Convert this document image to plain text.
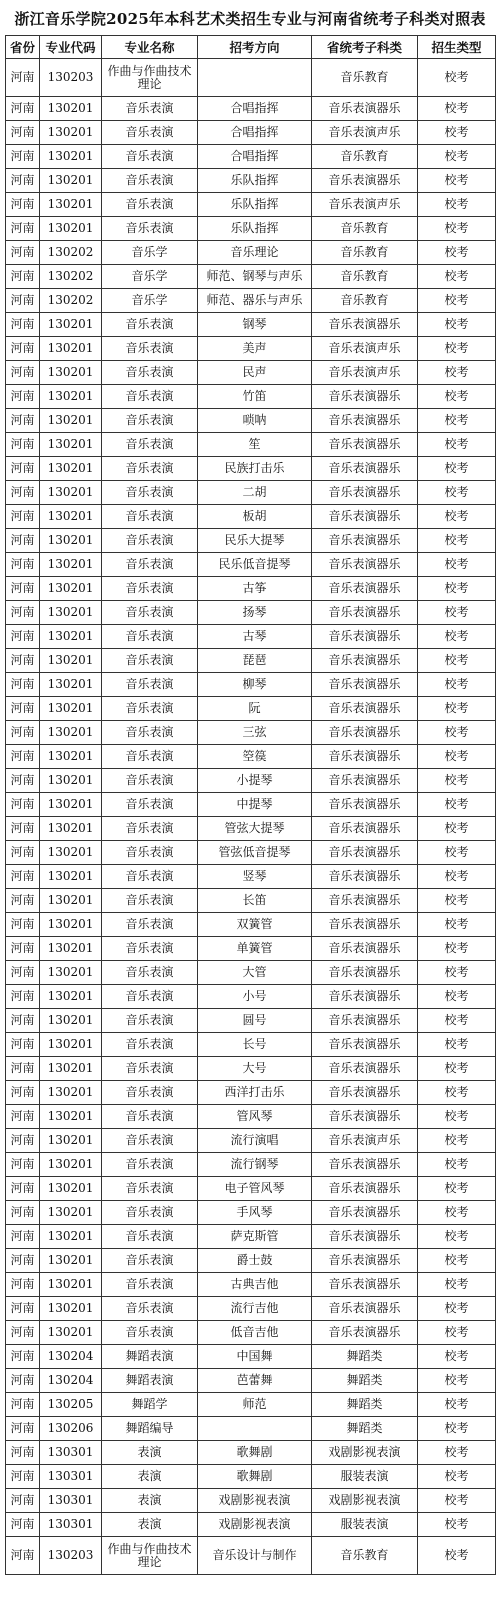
浙江音乐学院2025年本科艺术类招生专业与河南省统考子科类对照表
省份	专业代码	专业名称	招考方向	省统考子科类	招生类型
河南	130203	作曲与作曲技术理论		音乐教育	校考
河南	130201	音乐表演	合唱指挥	音乐表演器乐	校考
河南	130201	音乐表演	合唱指挥	音乐表演声乐	校考
河南	130201	音乐表演	合唱指挥	音乐教育	校考
河南	130201	音乐表演	乐队指挥	音乐表演器乐	校考
河南	130201	音乐表演	乐队指挥	音乐表演声乐	校考
河南	130201	音乐表演	乐队指挥	音乐教育	校考
河南	130202	音乐学	音乐理论	音乐教育	校考
河南	130202	音乐学	师范、钢琴与声乐	音乐教育	校考
河南	130202	音乐学	师范、器乐与声乐	音乐教育	校考
河南	130201	音乐表演	钢琴	音乐表演器乐	校考
河南	130201	音乐表演	美声	音乐表演声乐	校考
河南	130201	音乐表演	民声	音乐表演声乐	校考
河南	130201	音乐表演	竹笛	音乐表演器乐	校考
河南	130201	音乐表演	唢呐	音乐表演器乐	校考
河南	130201	音乐表演	笙	音乐表演器乐	校考
河南	130201	音乐表演	民族打击乐	音乐表演器乐	校考
河南	130201	音乐表演	二胡	音乐表演器乐	校考
河南	130201	音乐表演	板胡	音乐表演器乐	校考
河南	130201	音乐表演	民乐大提琴	音乐表演器乐	校考
河南	130201	音乐表演	民乐低音提琴	音乐表演器乐	校考
河南	130201	音乐表演	古筝	音乐表演器乐	校考
河南	130201	音乐表演	扬琴	音乐表演器乐	校考
河南	130201	音乐表演	古琴	音乐表演器乐	校考
河南	130201	音乐表演	琵琶	音乐表演器乐	校考
河南	130201	音乐表演	柳琴	音乐表演器乐	校考
河南	130201	音乐表演	阮	音乐表演器乐	校考
河南	130201	音乐表演	三弦	音乐表演器乐	校考
河南	130201	音乐表演	箜篌	音乐表演器乐	校考
河南	130201	音乐表演	小提琴	音乐表演器乐	校考
河南	130201	音乐表演	中提琴	音乐表演器乐	校考
河南	130201	音乐表演	管弦大提琴	音乐表演器乐	校考
河南	130201	音乐表演	管弦低音提琴	音乐表演器乐	校考
河南	130201	音乐表演	竖琴	音乐表演器乐	校考
河南	130201	音乐表演	长笛	音乐表演器乐	校考
河南	130201	音乐表演	双簧管	音乐表演器乐	校考
河南	130201	音乐表演	单簧管	音乐表演器乐	校考
河南	130201	音乐表演	大管	音乐表演器乐	校考
河南	130201	音乐表演	小号	音乐表演器乐	校考
河南	130201	音乐表演	圆号	音乐表演器乐	校考
河南	130201	音乐表演	长号	音乐表演器乐	校考
河南	130201	音乐表演	大号	音乐表演器乐	校考
河南	130201	音乐表演	西洋打击乐	音乐表演器乐	校考
河南	130201	音乐表演	管风琴	音乐表演器乐	校考
河南	130201	音乐表演	流行演唱	音乐表演声乐	校考
河南	130201	音乐表演	流行钢琴	音乐表演器乐	校考
河南	130201	音乐表演	电子管风琴	音乐表演器乐	校考
河南	130201	音乐表演	手风琴	音乐表演器乐	校考
河南	130201	音乐表演	萨克斯管	音乐表演器乐	校考
河南	130201	音乐表演	爵士鼓	音乐表演器乐	校考
河南	130201	音乐表演	古典吉他	音乐表演器乐	校考
河南	130201	音乐表演	流行吉他	音乐表演器乐	校考
河南	130201	音乐表演	低音吉他	音乐表演器乐	校考
河南	130204	舞蹈表演	中国舞	舞蹈类	校考
河南	130204	舞蹈表演	芭蕾舞	舞蹈类	校考
河南	130205	舞蹈学	师范	舞蹈类	校考
河南	130206	舞蹈编导		舞蹈类	校考
河南	130301	表演	歌舞剧	戏剧影视表演	校考
河南	130301	表演	歌舞剧	服装表演	校考
河南	130301	表演	戏剧影视表演	戏剧影视表演	校考
河南	130301	表演	戏剧影视表演	服装表演	校考
河南	130203	作曲与作曲技术理论	音乐设计与制作	音乐教育	校考
